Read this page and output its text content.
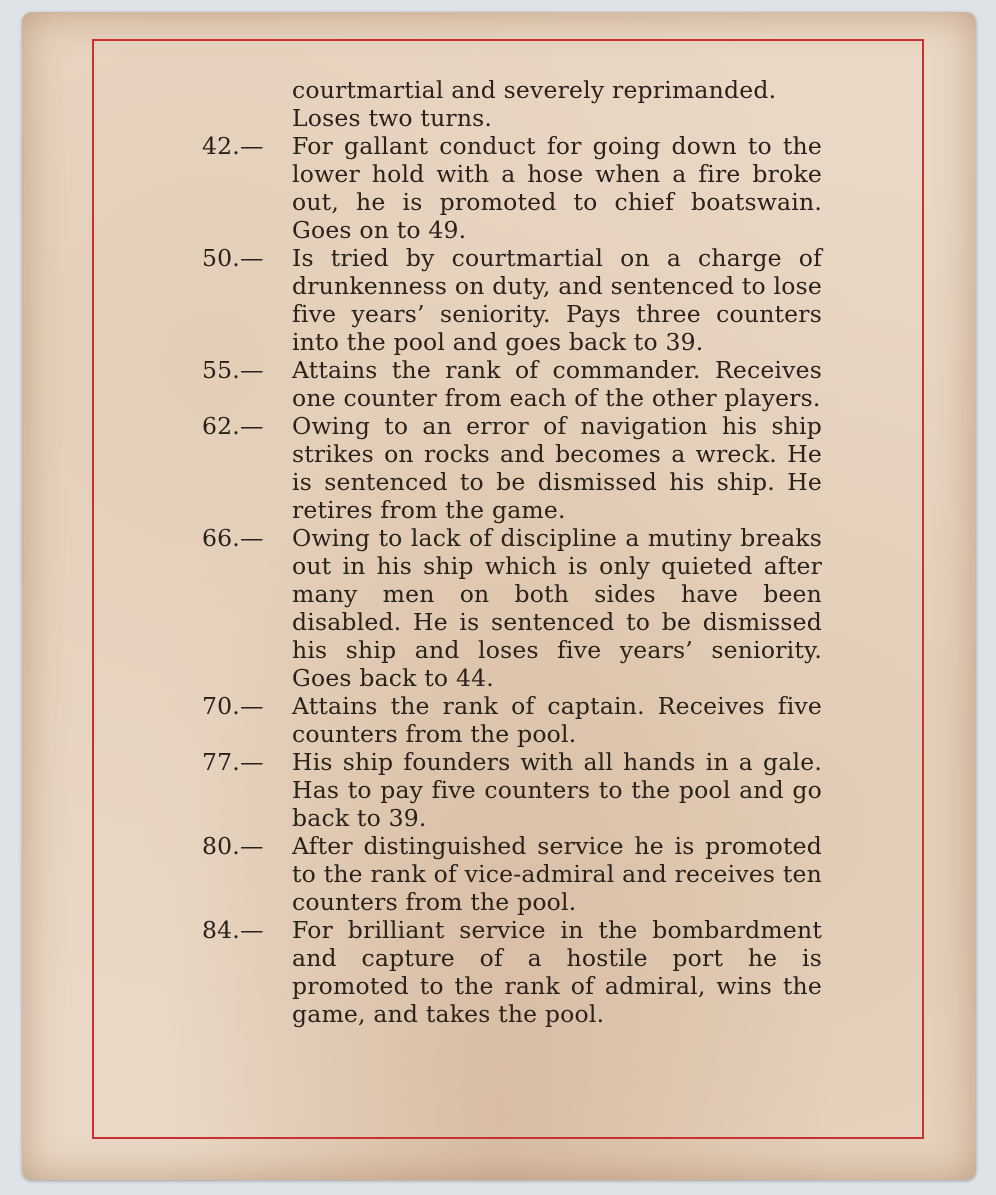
courtmartial and severely reprimanded. Loses two turns.

42.—	For gallant conduct for going down to the lower hold with a hose when a fire broke out, he is promoted to chief boatswain. Goes on to 49.
50.—	Is tried by courtmartial on a charge of drunkenness on duty, and sentenced to lose five years’ seniority. Pays three counters into the pool and goes back to 39.
55.—	Attains the rank of commander. Receives one counter from each of the other players.
62.—	Owing to an error of navigation his ship strikes on rocks and becomes a wreck. He is sentenced to be dismissed his ship. He retires from the game.
66.—	Owing to lack of discipline a mutiny breaks out in his ship which is only quieted after many men on both sides have been disabled. He is sentenced to be dismissed his ship and loses five years’ seniority. Goes back to 44.
70.—	Attains the rank of captain. Receives five counters from the pool.
77.—	His ship founders with all hands in a gale. Has to pay five counters to the pool and go back to 39.
80.—	After distinguished service he is promoted to the rank of vice-admiral and receives ten counters from the pool.
84.—	For brilliant service in the bombardment and capture of a hostile port he is promoted to the rank of admiral, wins the game, and takes the pool.
